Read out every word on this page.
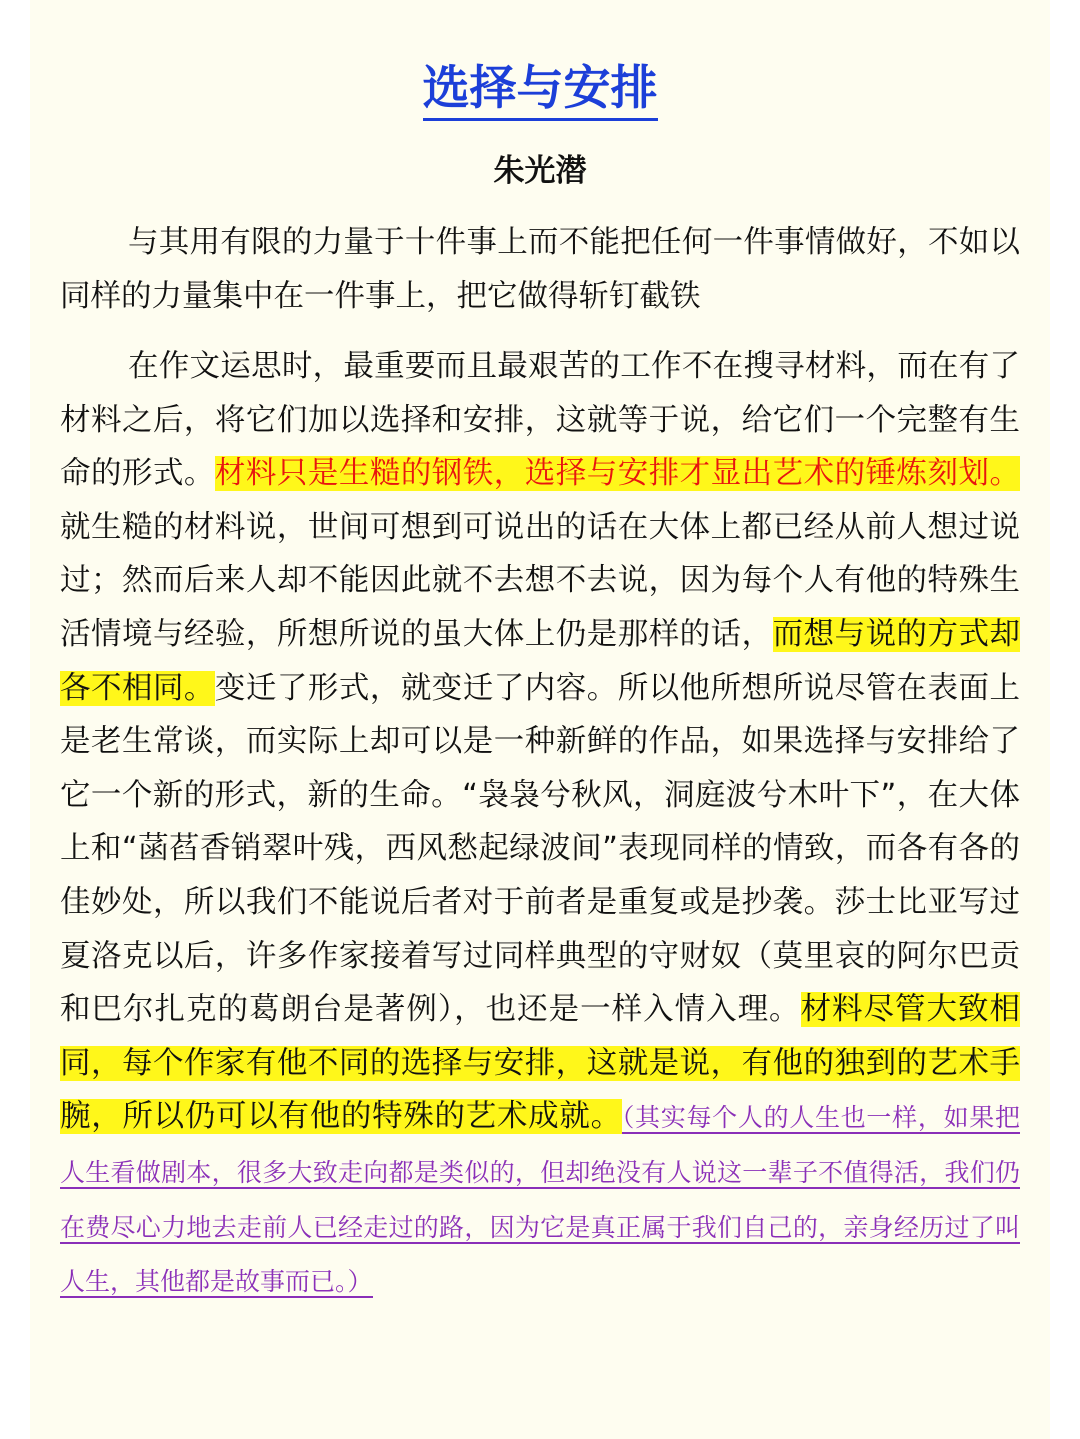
选择与安排

朱光潜

与其用有限的力量于十件事上而不能把任何一件事情做好，不如以同样的力量集中在一件事上，把它做得斩钉截铁

在作文运思时，最重要而且最艰苦的工作不在搜寻材料，而在有了材料之后，将它们加以选择和安排，这就等于说，给它们一个完整有生命的形式。材料只是生糙的钢铁，选择与安排才显出艺术的锤炼刻划。就生糙的材料说，世间可想到可说出的话在大体上都已经从前人想过说过；然而后来人却不能因此就不去想不去说，因为每个人有他的特殊生活情境与经验，所想所说的虽大体上仍是那样的话，而想与说的方式却各不相同。变迁了形式，就变迁了内容。所以他所想所说尽管在表面上是老生常谈，而实际上却可以是一种新鲜的作品，如果选择与安排给了它一个新的形式，新的生命。“袅袅兮秋风，洞庭波兮木叶下”，在大体上和“菡萏香销翠叶残，西风愁起绿波间”表现同样的情致，而各有各的佳妙处，所以我们不能说后者对于前者是重复或是抄袭。莎士比亚写过夏洛克以后，许多作家接着写过同样典型的守财奴（莫里哀的阿尔巴贡和巴尔扎克的葛朗台是著例），也还是一样入情入理。材料尽管大致相同，每个作家有他不同的选择与安排，这就是说，有他的独到的艺术手腕，所以仍可以有他的特殊的艺术成就。（其实每个人的人生也一样，如果把人生看做剧本，很多大致走向都是类似的，但却绝没有人说这一辈子不值得活，我们仍在费尽心力地去走前人已经走过的路，因为它是真正属于我们自己的，亲身经历过了叫人生，其他都是故事而已。）
